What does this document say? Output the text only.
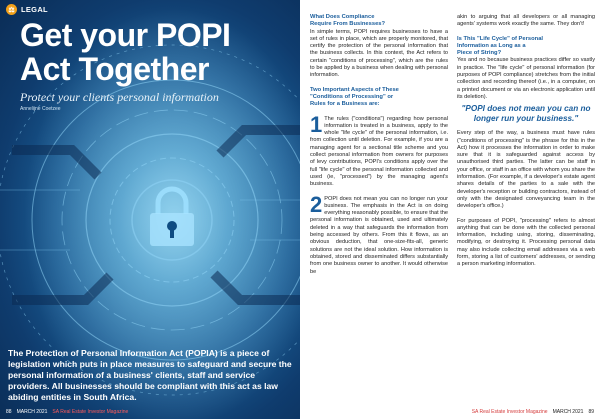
⚖ LEGAL
Get your POPI
Act Together
Protect your clients personal information
Annelijne Coetzee
The Protection of Personal Information Act (POPIA) is a piece of legislation which puts in place measures to safeguard and secure the personal information of a business' clients, staff and service providers. All businesses should be compliant with this act as law abiding entities in South Africa.
88 MARCH 2021 SA Real Estate Investor Magazine
What Does Compliance
Require From Businesses?
In simple terms, POPI requires businesses to have a set of rules in place, which are properly monitored, that certify the protection of the personal information that the business collects. In this context, the Act refers to certain "conditions of processing", which are the rules to be applied by a business when dealing with personal information.
Two Important Aspects of These
"Conditions of Processing" or
Rules for a Business are:
1 The rules ("conditions") regarding how personal information is treated in a business, apply to the whole "life cycle" of the personal information, i.e. from collection until deletion. For example, if you are a managing agent for a sectional title scheme and you collect personal information from owners for purposes of levy contributions, POPI's conditions apply over the full "life cycle" of the personal information collected and used (ie, "processed") by the managing agent's business.
2 POPI does not mean you can no longer run your business. The emphasis in the Act is on doing everything reasonably possible, to ensure that the personal information is obtained, used and ultimately deleted in a way that safeguards the information from being accessed by others. From this it flows, as an obvious deduction, that one-size-fits-all, generic solutions are not the ideal solution. How information is obtained, stored and disseminated differs substantially from one business owner to another. It would otherwise be
akin to arguing that all developers or all managing agents' systems work exactly the same. They don't!
Is This "Life Cycle" of Personal
Information as Long as a
Piece of String?
Yes and no because business practices differ so vastly in practice. The "life cycle" of personal information (for purposes of POPI compliance) stretches from the initial collection and recording thereof (i.e., in a computer, on a printed document or via an electronic application until its deletion).
"POPI does not mean you can no longer run your business."
Every step of the way, a business must have rules ("conditions of processing" is the phrase for this in the Act) how it processes the information in order to make sure that it is safeguarded against access by unauthorised third parties. The latter can be staff in your office, or staff in an office with whom you share the information. (For example, if a developer's estate agent shares details of the parties to a sale with the developer's reception or building contractors, instead of only with the designated conveyancing team in the developer's office.)
For purposes of POPI, "processing" refers to almost anything that can be done with the collected personal information, including using, storing, disseminating, modifying, or destroying it. Processing personal data may also include collecting email addresses via a web form, storing a list of customers' addresses, or sending a person marketing information.
SA Real Estate Investor Magazine MARCH 2021 89
